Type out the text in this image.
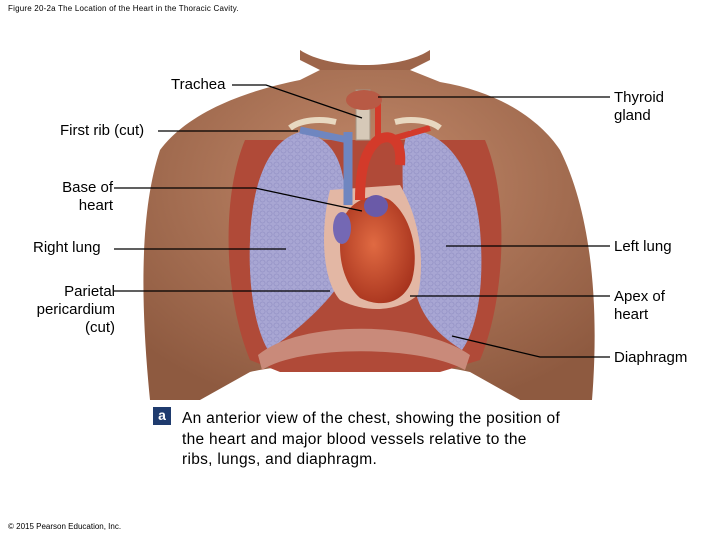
Figure 20-2a The Location of the Heart in the Thoracic Cavity.
Trachea
First rib (cut)
Base of
heart
Right lung
Parietal
pericardium
(cut)
Thyroid
gland
Left lung
Apex of
heart
Diaphragm
a	An anterior view of the chest, showing the position of the heart and major blood vessels relative to the ribs, lungs, and diaphragm.
© 2015 Pearson Education, Inc.
